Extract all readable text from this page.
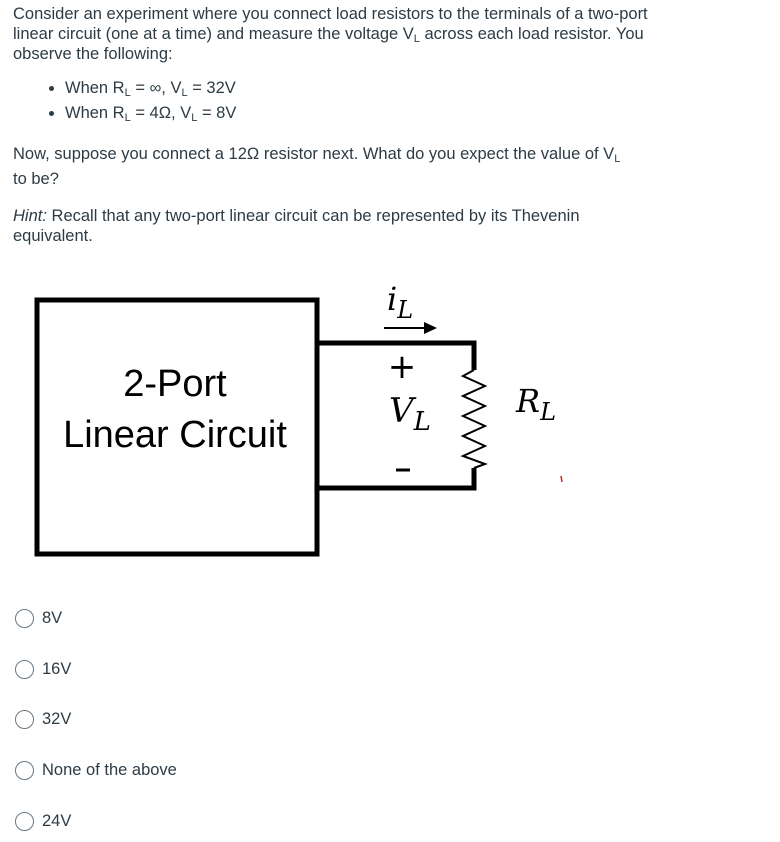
Consider an experiment where you connect load resistors to the terminals of a two-port linear circuit (one at a time) and measure the voltage $V_L$ across each load resistor. You observe the following:

• When $R_L$ = ∞, $V_L = 32V$
• When $R_L = 4\Omega$, $V_L = 8V$

Now, suppose you connect a 12Ω resistor next. What do you expect the value of $V_L$
to be?

Hint: Recall that any two-port linear circuit can be represented by its Thevenin equivalent.

2-Port
Linear Circuit
$i_L$
+
$V_L$
$R_L$
8V
16V
32V
None of the above
24V
